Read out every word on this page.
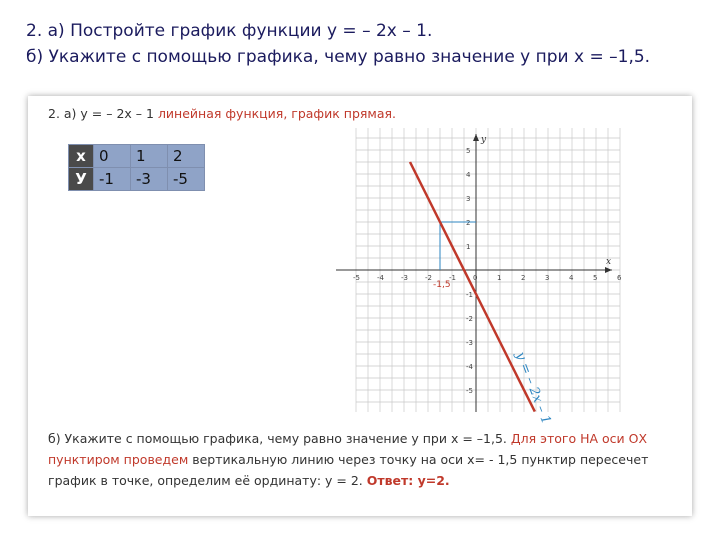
2. а) Постройте график функции у = – 2х – 1.
б) Укажите с помощью графика, чему равно значение у при х = –1,5.
2. а) у = – 2х – 1 линейная функция, график прямая.
х	0	1	2
У	-1	-3	-5
x
у
-5 -4 -3 -2 -1 0	1	2	3	4	5	6
1
2
3
4
5
-1
-2
-3
-4
-5
-1,5
у = – 2х – 1
б) Укажите с помощью графика, чему равно значение у при х = –1,5. Для этого НА оси ОХ пунктиром проведем вертикальную линию через точку на оси х= - 1,5 пунктир пересечет график в точке, определим её ординату: у = 2. Ответ: у=2.
